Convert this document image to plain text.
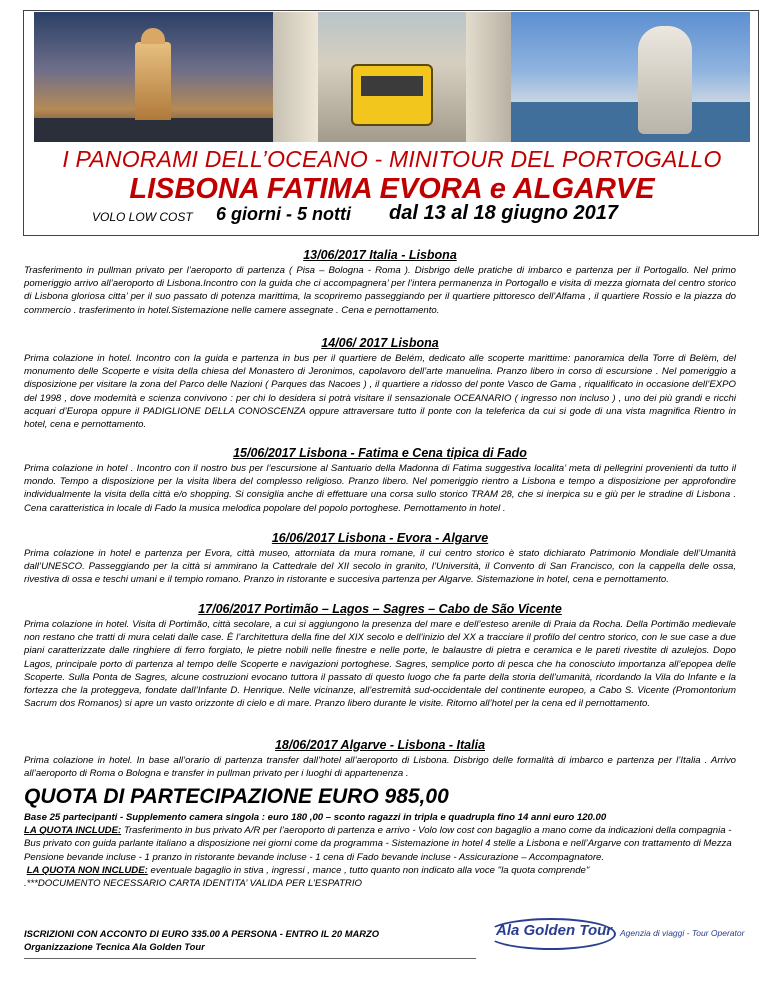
I PANORAMI DELL’OCEANO - MINITOUR DEL PORTOGALLO
LISBONA FATIMA EVORA e ALGARVE
VOLO LOW COST 6 giorni - 5 notti dal 13 al 18 giugno 2017
13/06/2017 Italia - Lisbona

Trasferimento in pullman privato per l’aeroporto di partenza ( Pisa – Bologna - Roma ). Disbrigo delle pratiche di imbarco e partenza per il Portogallo. Nel primo pomeriggio arrivo all’aeroporto di Lisbona.Incontro con la guida che ci accompagnera’ per l’intera permanenza in Portogallo e visita di mezza giornata del centro storico di Lisbona gloriosa citta’ per il suo passato di potenza marittima, la scopriremo passeggiando per il quartiere pittoresco dell’Alfama , il quartiere Rossio e la piazza do commercio . trasferimento in hotel.Sistemazione nelle camere assegnate . Cena e pernottamento.

14/06/ 2017 Lisbona

Prima colazione in hotel. Incontro con la guida e partenza in bus per il quartiere de Belém, dedicato alle scoperte marittime: panoramica della Torre di Belèm, del monumento delle Scoperte e visita della chiesa del Monastero di Jeronimos, capolavoro dell’arte manuelina. Pranzo libero in corso di escursione . Nel pomeriggio a disposizione per visitare la zona del Parco delle Nazioni ( Parques das Nacoes ) , il quartiere a ridosso del ponte Vasco de Gama , riqualificato in occasione dell’EXPO del 1998 , dove modernità e scienza convivono : per chi lo desidera si potrà visitare il sensazionale OCEANARIO ( ingresso non incluso ) , uno dei più grandi e ricchi acquari d’Europa oppure il PADIGLIONE DELLA CONOSCENZA oppure attraversare tutto il ponte con la teleferica da cui si gode di una vista magnifica Rientro in hotel, cena e pernottamento.

15/06/2017 Lisbona - Fatima e Cena tipica di Fado

Prima colazione in hotel . Incontro con il nostro bus per l’escursione al Santuario della Madonna di Fatima suggestiva localita’ meta di pellegrini provenienti da tutto il mondo. Tempo a disposizione per la visita libera del complesso religioso. Pranzo libero. Nel pomeriggio rientro a Lisbona e tempo a disposizione per approfondire individualmente la visita della città e/o shopping. Si consiglia anche di effettuare una corsa sullo storico TRAM 28, che si inerpica su e giù per le stradine di Lisbona . Cena caratteristica in locale di Fado la musica melodica popolare del popolo portoghese. Pernottamento in hotel .

16/06/2017 Lisbona - Evora - Algarve

Prima colazione in hotel e partenza per Evora, città museo, attorniata da mura romane, il cui centro storico è stato dichiarato Patrimonio Mondiale dell’Umanità dall’UNESCO. Passeggiando per la città si ammirano la Cattedrale del XII secolo in granito, l’Università, il Convento di San Francisco, con la cappella delle ossa, rivestiva di ossa e teschi umani e il tempio romano. Pranzo in ristorante e succesiva partenza per Algarve. Sistemazione in hotel, cena e pernottamento.

17/06/2017 Portimão – Lagos – Sagres – Cabo de São Vicente

Prima colazione in hotel. Visita di Portimão, città secolare, a cui si aggiungono la presenza del mare e dell’esteso arenile di Praia da Rocha. Della Portimão medievale non restano che tratti di mura celati dalle case. È l’architettura della fine del XIX secolo e dell’inizio del XX a tracciare il profilo del centro storico, con le sue case a due piani caratterizzate dalle ringhiere di ferro forgiato, le pietre nobili nelle finestre e nelle porte, le balaustre di pietra e ceramica e le pareti rivestite di azulejos. Dopo Lagos, principale porto di partenza al tempo delle Scoperte e navigazioni portoghese. Sagres, semplice porto di pesca che ha conosciuto importanza all’epopea delle Scoperte. Sulla Ponta de Sagres, alcune costruzioni evocano tuttora il passato di questo luogo che fa parte della storia dell’umanità, ricordando la Vila do Infante e la fortezza che la proteggeva, fondate dall’Infante D. Henrique. Nelle vicinanze, all’estremità sud-occidentale del continente europeo, a Cabo S. Vicente (Promontorium Sacrum dos Romanos) si apre un vasto orizzonte di cielo e di mare. Pranzo libero durante le visite. Ritorno all’hotel per la cena ed il pernottamento.

18/06/2017 Algarve - Lisbona - Italia

Prima colazione in hotel. In base all’orario di partenza transfer dall’hotel all’aeroporto di Lisbona. Disbrigo delle formalità di imbarco e partenza per l’Italia . Arrivo all’aeroporto di Roma o Bologna e transfer in pullman privato per i luoghi di appartenenza .

QUOTA DI PARTECIPAZIONE EURO 985,00
Base 25 partecipanti - Supplemento camera singola : euro 180 ,00 – sconto ragazzi in tripla e quadrupla fino 14 anni euro 120.00
LA QUOTA INCLUDE: Trasferimento in bus privato A/R per l’aeroporto di partenza e arrivo - Volo low cost con bagaglio a mano come da indicazioni della compagnia - Bus privato con guida parlante italiano a disposizione nei giorni come da programma - Sistemazione in hotel 4 stelle a Lisbona e nell’Argarve con trattamento di Mezza Pensione bevande incluse - 1 pranzo in ristorante bevande incluse - 1 cena di Fado bevande incluse - Assicurazione – Accompagnatore.
LA QUOTA NON INCLUDE: eventuale bagaglio in stiva , ingressi , mance , tutto quanto non indicato alla voce "la quota comprende"
.***DOCUMENTO NECESSARIO CARTA IDENTITA’ VALIDA PER L’ESPATRIO
ISCRIZIONI CON ACCONTO DI EURO 335.00 A PERSONA - ENTRO IL 20 MARZO
Organizzazione Tecnica Ala Golden Tour
Ala Golden Tour Agenzia di viaggi - Tour Operator
